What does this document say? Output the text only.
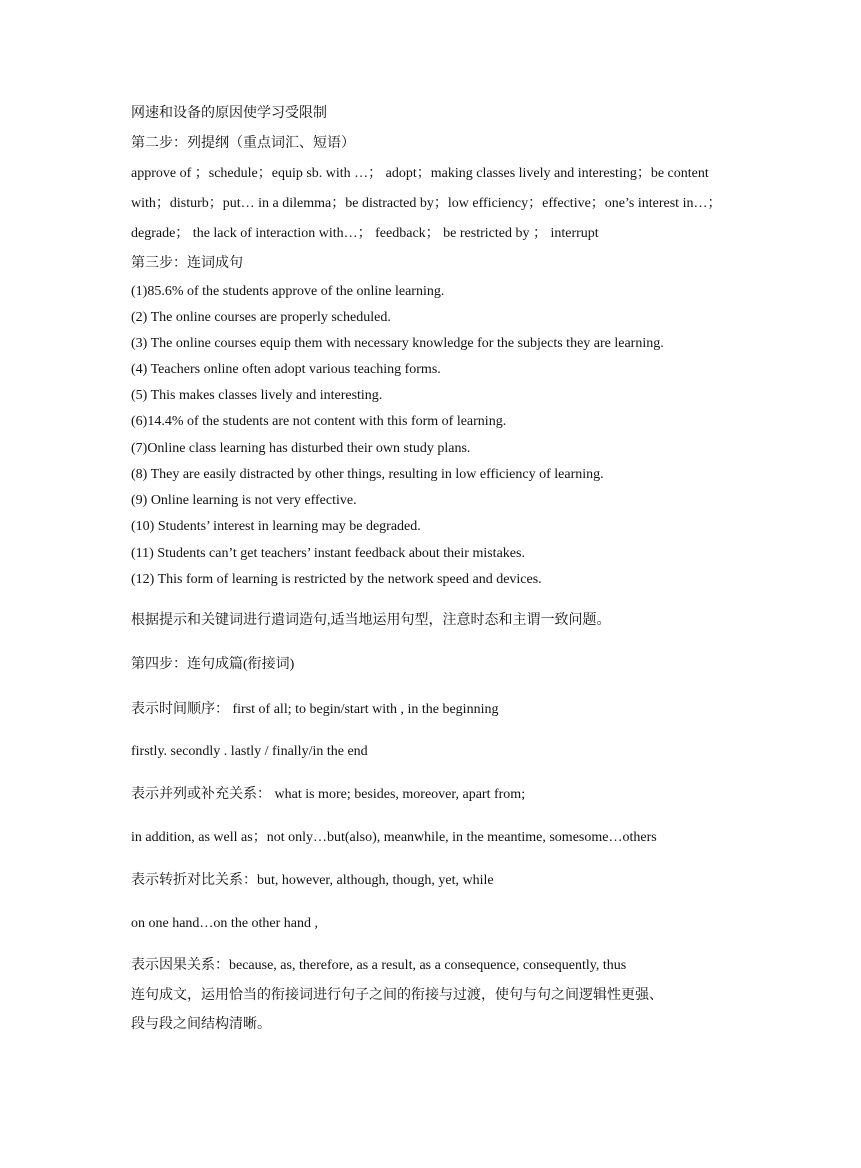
网速和设备的原因使学习受限制

第二步：列提纲（重点词汇、短语）

approve of ；schedule；equip sb. with …； adopt；making classes lively and interesting；be content

with；disturb；put… in a dilemma；be distracted by；low efficiency；effective；one’s interest in…；

degrade； the lack of interaction with…； feedback； be restricted by ； interrupt

第三步：连词成句

(1)85.6% of the students approve of the online learning.

(2) The online courses are properly scheduled.

(3) The online courses equip them with necessary knowledge for the subjects they are learning.

(4) Teachers online often adopt various teaching forms.

(5) This makes classes lively and interesting.

(6)14.4% of the students are not content with this form of learning.

(7)Online class learning has disturbed their own study plans.

(8) They are easily distracted by other things, resulting in low efficiency of learning.

(9) Online learning is not very effective.

(10) Students’ interest in learning may be degraded.

(11) Students can’t get teachers’ instant feedback about their mistakes.

(12) This form of learning is restricted by the network speed and devices.

根据提示和关键词进行遣词造句,适当地运用句型，注意时态和主谓一致问题。

第四步：连句成篇(衔接词)

表示时间顺序： first of all; to begin/start with , in the beginning

firstly. secondly . lastly / finally/in the end

表示并列或补充关系： what is more; besides, moreover, apart from;

in addition, as well as；not only…but(also), meanwhile, in the meantime, somesome…others

表示转折对比关系：but, however, although, though, yet, while

on one hand…on the other hand ,

表示因果关系：because, as, therefore, as a result, as a consequence, consequently, thus

连句成文，运用恰当的衔接词进行句子之间的衔接与过渡，使句与句之间逻辑性更强、

段与段之间结构清晰。
